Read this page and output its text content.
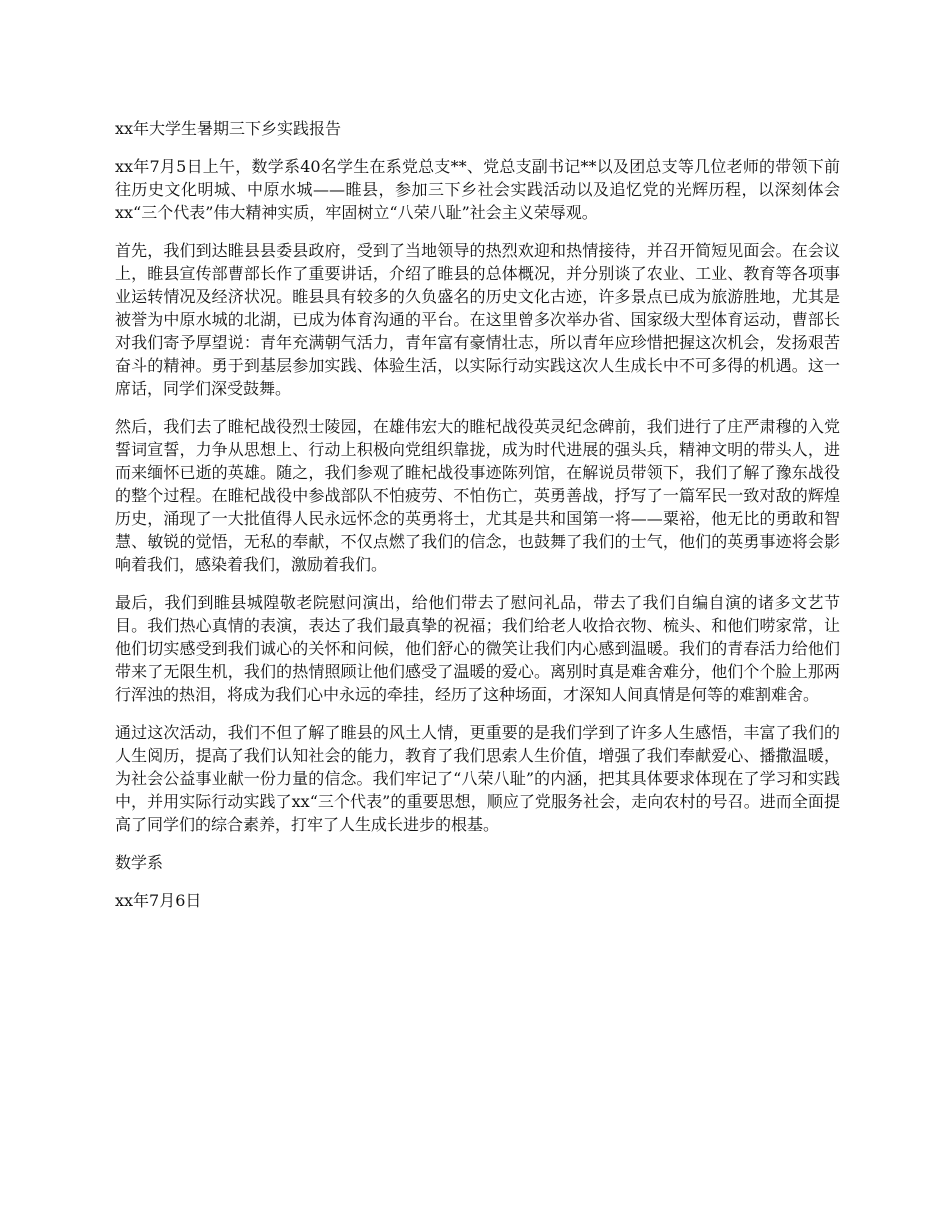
xx年大学生暑期三下乡实践报告
xx年7月5日上午，数学系40名学生在系党总支**、党总支副书记**以及团总支等几位老师的带领下前往历史文化明城、中原水城——睢县，参加三下乡社会实践活动以及追忆党的光辉历程，以深刻体会xx“三个代表”伟大精神实质，牢固树立“八荣八耻”社会主义荣辱观。
首先，我们到达睢县县委县政府，受到了当地领导的热烈欢迎和热情接待，并召开简短见面会。在会议上，睢县宣传部曹部长作了重要讲话，介绍了睢县的总体概况，并分别谈了农业、工业、教育等各项事业运转情况及经济状况。睢县具有较多的久负盛名的历史文化古迹，许多景点已成为旅游胜地，尤其是被誉为中原水城的北湖，已成为体育沟通的平台。在这里曾多次举办省、国家级大型体育运动，曹部长对我们寄予厚望说：青年充满朝气活力，青年富有豪情壮志，所以青年应珍惜把握这次机会，发扬艰苦奋斗的精神。勇于到基层参加实践、体验生活，以实际行动实践这次人生成长中不可多得的机遇。这一席话，同学们深受鼓舞。
然后，我们去了睢杞战役烈士陵园，在雄伟宏大的睢杞战役英灵纪念碑前，我们进行了庄严肃穆的入党誓词宣誓，力争从思想上、行动上积极向党组织靠拢，成为时代进展的强头兵，精神文明的带头人，进而来缅怀已逝的英雄。随之，我们参观了睢杞战役事迹陈列馆，在解说员带领下，我们了解了豫东战役的整个过程。在睢杞战役中参战部队不怕疲劳、不怕伤亡，英勇善战，抒写了一篇军民一致对敌的辉煌历史，涌现了一大批值得人民永远怀念的英勇将士，尤其是共和国第一将——粟裕，他无比的勇敢和智慧、敏锐的觉悟，无私的奉献，不仅点燃了我们的信念，也鼓舞了我们的士气，他们的英勇事迹将会影响着我们，感染着我们，激励着我们。
最后，我们到睢县城隍敬老院慰问演出，给他们带去了慰问礼品，带去了我们自编自演的诸多文艺节目。我们热心真情的表演，表达了我们最真挚的祝福；我们给老人收拾衣物、梳头、和他们唠家常，让他们切实感受到我们诚心的关怀和问候，他们舒心的微笑让我们内心感到温暖。我们的青春活力给他们带来了无限生机，我们的热情照顾让他们感受了温暖的爱心。离别时真是难舍难分，他们个个脸上那两行浑浊的热泪，将成为我们心中永远的牵挂，经历了这种场面，才深知人间真情是何等的难割难舍。
通过这次活动，我们不但了解了睢县的风土人情，更重要的是我们学到了许多人生感悟，丰富了我们的人生阅历，提高了我们认知社会的能力，教育了我们思索人生价值，增强了我们奉献爱心、播撒温暖，为社会公益事业献一份力量的信念。我们牢记了“八荣八耻”的内涵，把其具体要求体现在了学习和实践中，并用实际行动实践了xx“三个代表”的重要思想，顺应了党服务社会，走向农村的号召。进而全面提高了同学们的综合素养，打牢了人生成长进步的根基。
数学系
xx年7月6日
